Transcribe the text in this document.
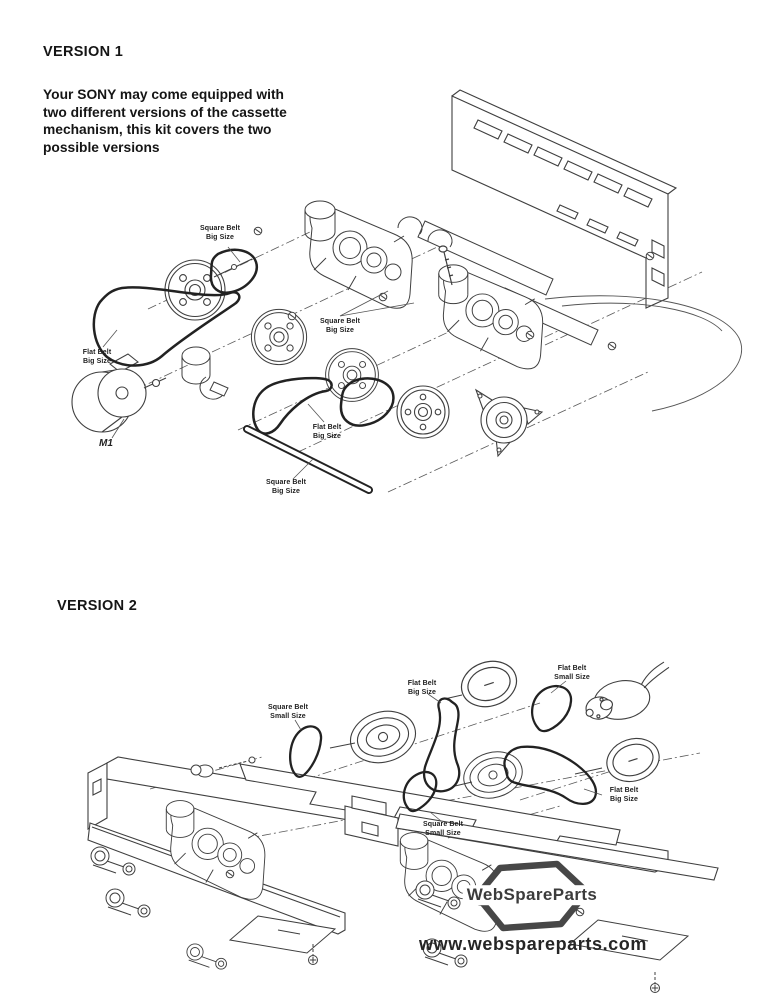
VERSION 1
Your SONY may come equipped with
two different versions of the cassette
mechanism, this kit covers the two
possible versions
VERSION 2
Square Belt
Big Size
Square Belt
Big Size
Flat Belt
Big Size
Flat Belt
Big Size
Square Belt
Big Size
M1
Square Belt
Small Size
Flat Belt
Big Size
Flat Belt
Small Size
Flat Belt
Big Size
Square Belt
Small Size
WebSpareParts
www.webspareparts.com
